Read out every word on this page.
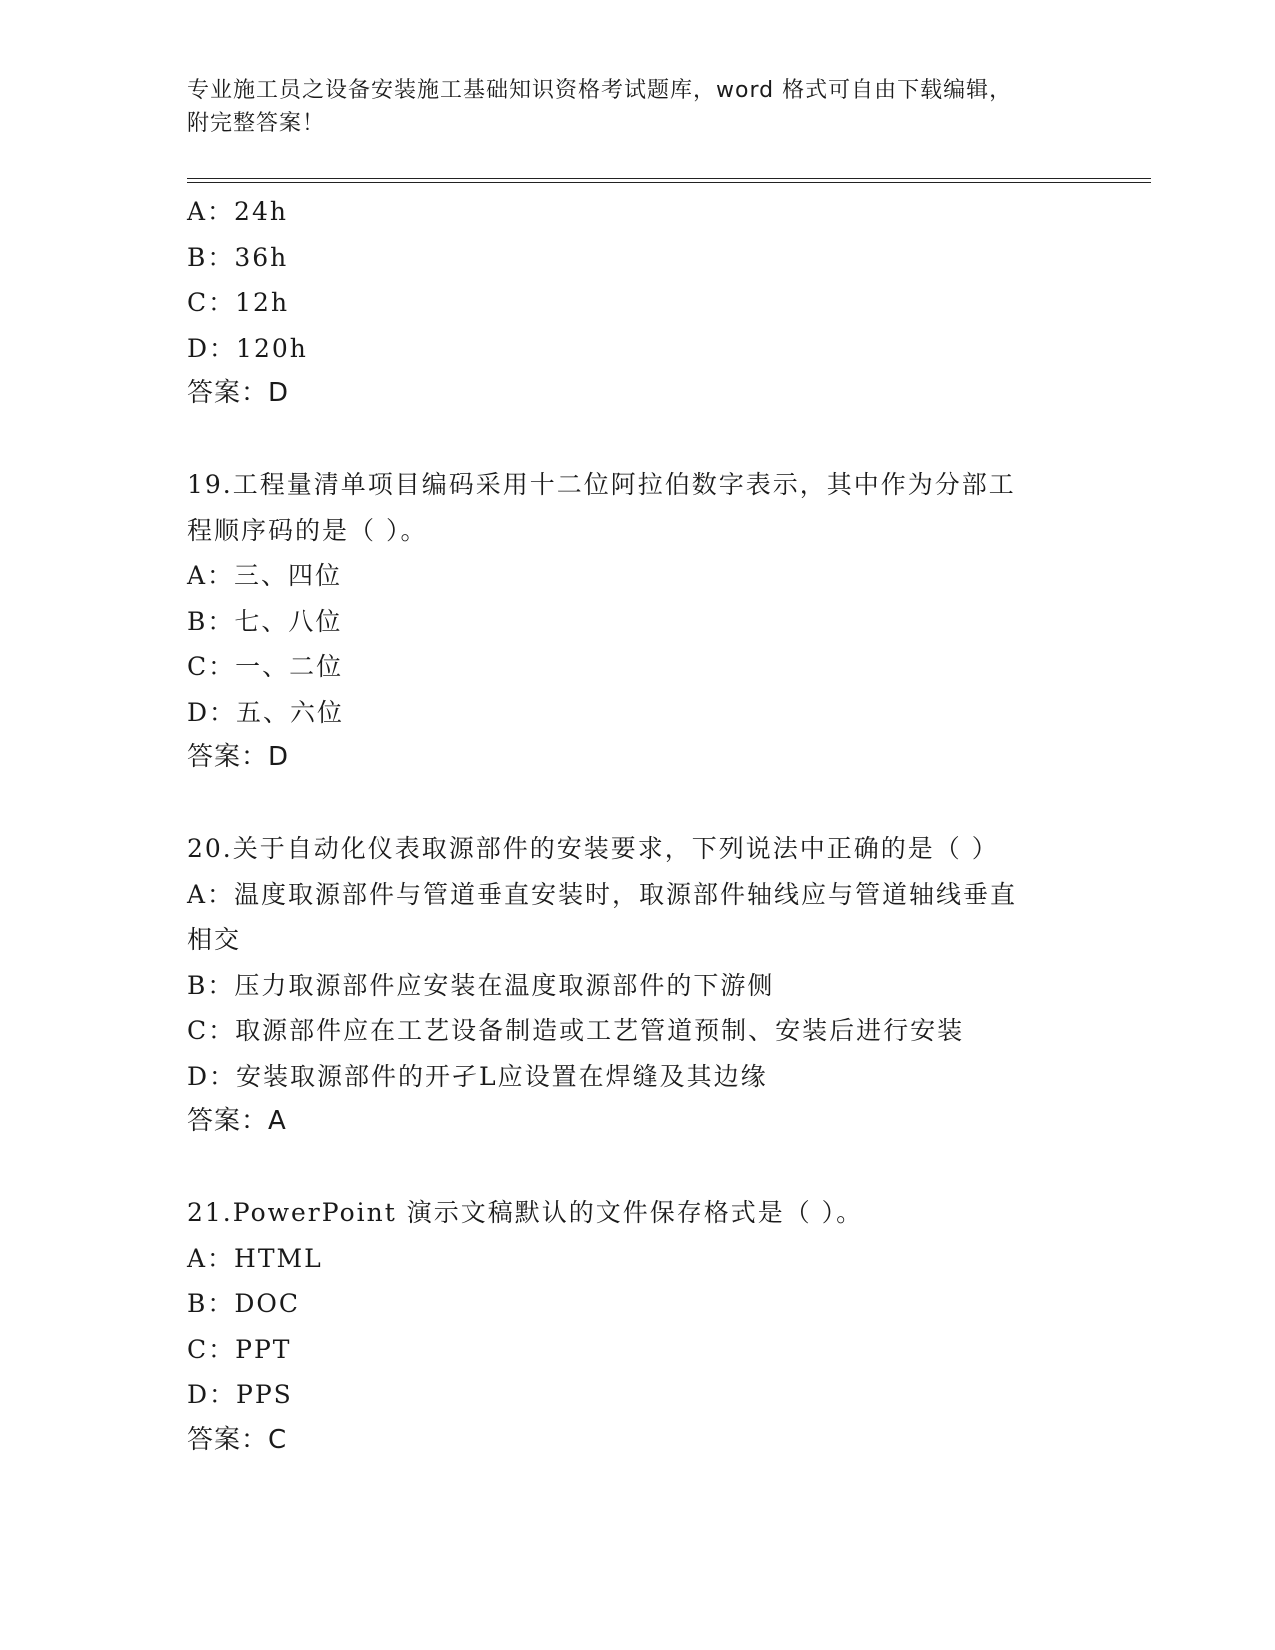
专业施工员之设备安装施工基础知识资格考试题库，word 格式可自由下载编辑，
附完整答案！
A：24h
B：36h
C：12h
D：120h
答案：D
19.工程量清单项目编码采用十二位阿拉伯数字表示，其中作为分部工
程顺序码的是（ ）。
A：三、四位
B：七、八位
C：一、二位
D：五、六位
答案：D
20.关于自动化仪表取源部件的安装要求，下列说法中正确的是（ ）
A：温度取源部件与管道垂直安装时，取源部件轴线应与管道轴线垂直
相交
B：压力取源部件应安装在温度取源部件的下游侧
C：取源部件应在工艺设备制造或工艺管道预制、安装后进行安装
D：安装取源部件的开孑L应设置在焊缝及其边缘
答案：A
21.PowerPoint 演示文稿默认的文件保存格式是（ ）。
A：HTML
B：DOC
C：PPT
D：PPS
答案：C
